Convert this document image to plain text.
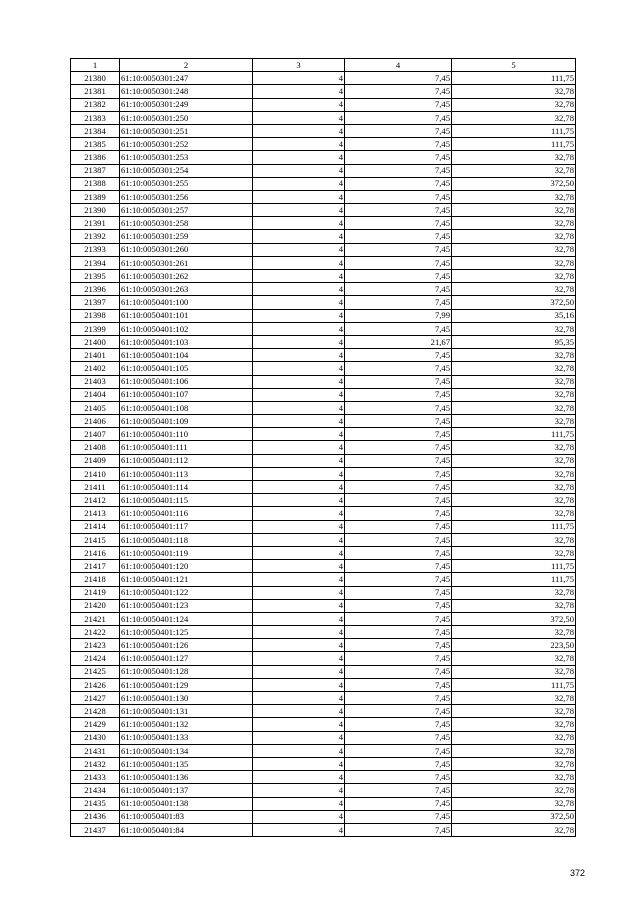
1	2	3	4	5
21380	61:10:0050301:247	4	7,45	111,75
21381	61:10:0050301:248	4	7,45	32,78
21382	61:10:0050301:249	4	7,45	32,78
21383	61:10:0050301:250	4	7,45	32,78
21384	61:10:0050301:251	4	7,45	111,75
21385	61:10:0050301:252	4	7,45	111,75
21386	61:10:0050301:253	4	7,45	32,78
21387	61:10:0050301:254	4	7,45	32,78
21388	61:10:0050301:255	4	7,45	372,50
21389	61:10:0050301:256	4	7,45	32,78
21390	61:10:0050301:257	4	7,45	32,78
21391	61:10:0050301:258	4	7,45	32,78
21392	61:10:0050301:259	4	7,45	32,78
21393	61:10:0050301:260	4	7,45	32,78
21394	61:10:0050301:261	4	7,45	32,78
21395	61:10:0050301:262	4	7,45	32,78
21396	61:10:0050301:263	4	7,45	32,78
21397	61:10:0050401:100	4	7,45	372,50
21398	61:10:0050401:101	4	7,99	35,16
21399	61:10:0050401:102	4	7,45	32,78
21400	61:10:0050401:103	4	21,67	95,35
21401	61:10:0050401:104	4	7,45	32,78
21402	61:10:0050401:105	4	7,45	32,78
21403	61:10:0050401:106	4	7,45	32,78
21404	61:10:0050401:107	4	7,45	32,78
21405	61:10:0050401:108	4	7,45	32,78
21406	61:10:0050401:109	4	7,45	32,78
21407	61:10:0050401:110	4	7,45	111,75
21408	61:10:0050401:111	4	7,45	32,78
21409	61:10:0050401:112	4	7,45	32,78
21410	61:10:0050401:113	4	7,45	32,78
21411	61:10:0050401:114	4	7,45	32,78
21412	61:10:0050401:115	4	7,45	32,78
21413	61:10:0050401:116	4	7,45	32,78
21414	61:10:0050401:117	4	7,45	111,75
21415	61:10:0050401:118	4	7,45	32,78
21416	61:10:0050401:119	4	7,45	32,78
21417	61:10:0050401:120	4	7,45	111,75
21418	61:10:0050401:121	4	7,45	111,75
21419	61:10:0050401:122	4	7,45	32,78
21420	61:10:0050401:123	4	7,45	32,78
21421	61:10:0050401:124	4	7,45	372,50
21422	61:10:0050401:125	4	7,45	32,78
21423	61:10:0050401:126	4	7,45	223,50
21424	61:10:0050401:127	4	7,45	32,78
21425	61:10:0050401:128	4	7,45	32,78
21426	61:10:0050401:129	4	7,45	111,75
21427	61:10:0050401:130	4	7,45	32,78
21428	61:10:0050401:131	4	7,45	32,78
21429	61:10:0050401:132	4	7,45	32,78
21430	61:10:0050401:133	4	7,45	32,78
21431	61:10:0050401:134	4	7,45	32,78
21432	61:10:0050401:135	4	7,45	32,78
21433	61:10:0050401:136	4	7,45	32,78
21434	61:10:0050401:137	4	7,45	32,78
21435	61:10:0050401:138	4	7,45	32,78
21436	61:10:0050401:83	4	7,45	372,50
21437	61:10:0050401:84	4	7,45	32,78
372
